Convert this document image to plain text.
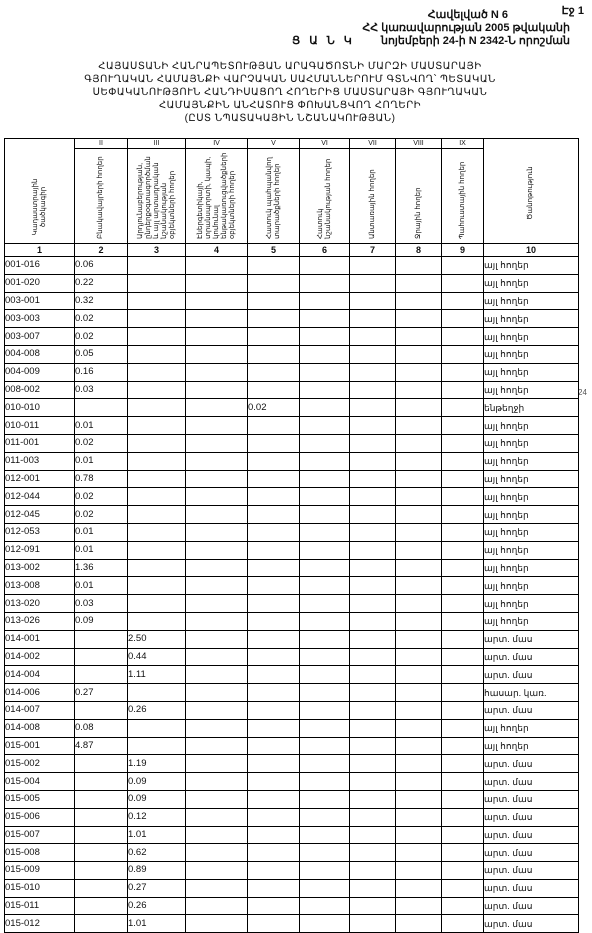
Էջ 1
Հավելված N 6
ՀՀ կառավարության 2005 թվականի
նոյեմբերի 24-ի N 2342-Ն որոշման
Ց Ա Ն Կ
ՀԱՅԱՍՏԱՆԻ ՀԱՆՐԱՊԵՏՈՒԹՅԱՆ ԱՐԱԳԱԾՈՏՆԻ ՄԱՐԶԻ ՄԱՍՏԱՐԱՅԻ
ԳՅՈՒՂԱԿԱՆ ՀԱՄԱՅՆՔԻ ՎԱՐՉԱԿԱՆ ՍԱՀՄԱՆՆԵՐՈՒՄ ԳՏՆՎՈՂ՝ ՊԵՏԱԿԱՆ
ՍԵՓԱԿԱՆՈՒԹՅՈՒՆ ՀԱՆԴԻՍԱՑՈՂ ՀՈՂԵՐԻՑ ՄԱՍՏԱՐԱՅԻ ԳՅՈՒՂԱԿԱՆ
ՀԱՄԱՅՆՔԻՆ ԱՆՀԱՏՈՒՑ ՓՈԽԱՆՑՎՈՂ ՀՈՂԵՐԻ
(ԸՍՏ ՆՊԱՏԱԿԱՅԻՆ ՆՇԱՆԱԿՈՒԹՅԱՆ)
24
Կադաստրային ծածկագիր	II	III	IV	V	VI	VII	VIII	IX	Ծանոթություն

	Բնակավայրերի հողեր	Արդյունաբերության, ընդերքօգտագործման և այլ արտադրական նշանակության օբյեկտների հողեր	Էներգետիկայի, տրանսպորտի, կապի, կոմունալ ենթակառուցվածքների օբյեկտների հողեր	Հատուկ պահպանվող տարածքների հողեր	Հատուկ նշանակության հողեր	Անտառային հողեր	Ջրային հողեր	Պահուստային հողեր	

1	2	3	4	5	6	7	8	9	10
001-016	0.06								այլ հողեր
001-020	0.22								այլ հողեր
003-001	0.32								այլ հողեր
003-003	0.02								այլ հողեր
003-007	0.02								այլ հողեր
004-008	0.05								այլ հողեր
004-009	0.16								այլ հողեր
008-002	0.03								այլ հողեր
010-010				0.02					ենթեղջի
010-011	0.01								այլ հողեր
011-001	0.02								այլ հողեր
011-003	0.01								այլ հողեր
012-001	0.78								այլ հողեր
012-044	0.02								այլ հողեր
012-045	0.02								այլ հողեր
012-053	0.01								այլ հողեր
012-091	0.01								այլ հողեր
013-002	1.36								այլ հողեր
013-008	0.01								այլ հողեր
013-020	0.03								այլ հողեր
013-026	0.09								այլ հողեր
014-001		2.50							արտ. մաս
014-002		0.44							արտ. մաս
014-004		1.11							արտ. մաս
014-006	0.27								հասար. կառ.
014-007		0.26							արտ. մաս
014-008	0.08								այլ հողեր
015-001	4.87								այլ հողեր
015-002		1.19							արտ. մաս
015-004		0.09							արտ. մաս
015-005		0.09							արտ. մաս
015-006		0.12							արտ. մաս
015-007		1.01							արտ. մաս
015-008		0.62							արտ. մաս
015-009		0.89							արտ. մաս
015-010		0.27							արտ. մաս
015-011		0.26							արտ. մաս
015-012		1.01							արտ. մաս
